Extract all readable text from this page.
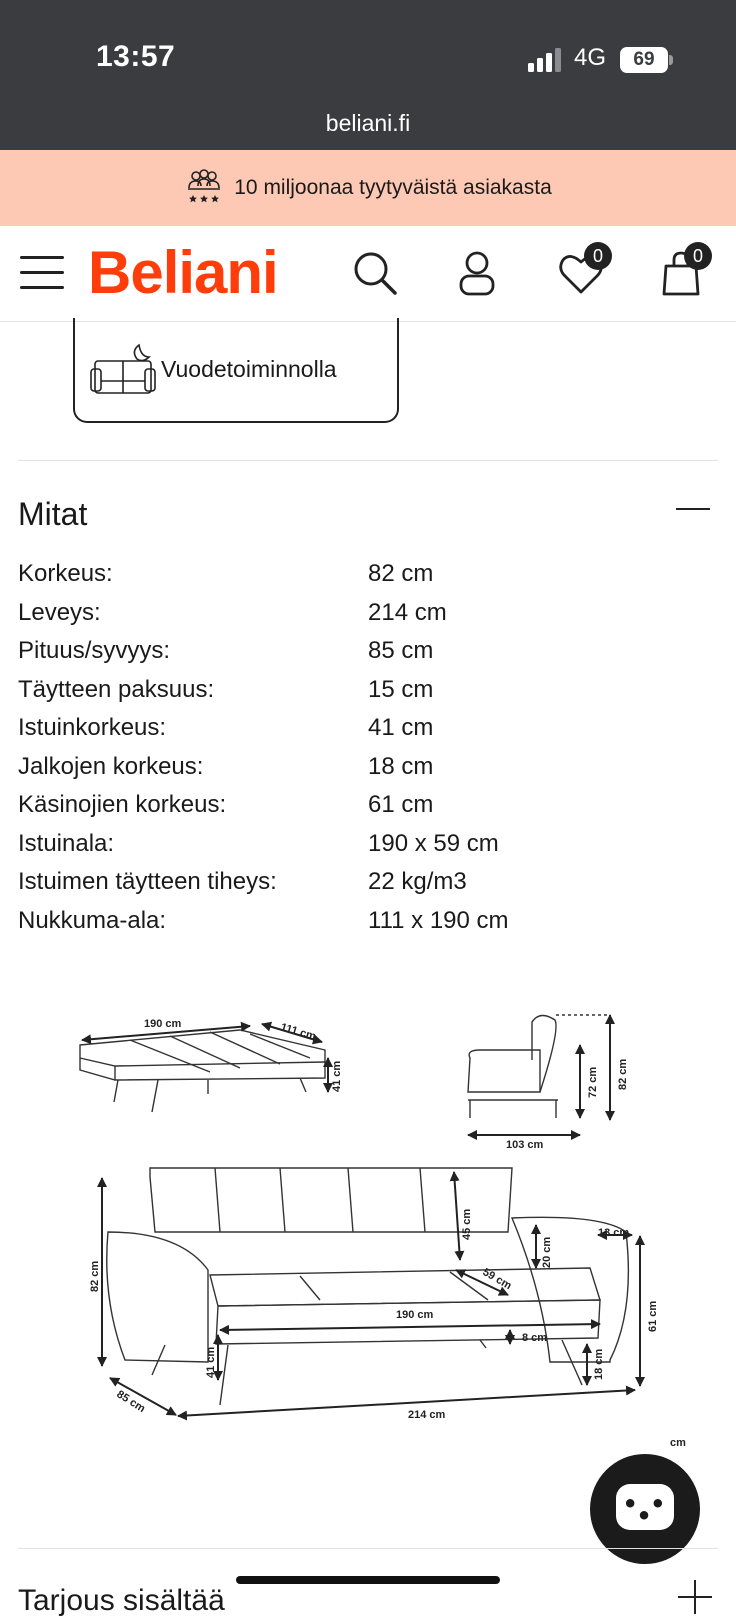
13:57	4G	69
beliani.fi
10 miljoonaa tyytyväistä asiakasta
Beliani	0	0
Vuodetoiminnolla
Mitat
Korkeus:	82 cm
Leveys:	214 cm
Pituus/syvyys:	85 cm
Täytteen paksuus:	15 cm
Istuinkorkeus:	41 cm
Jalkojen korkeus:	18 cm
Käsinojien korkeus:	61 cm
Istuinala:	190 x 59 cm
Istuimen täytteen tiheys:	22 kg/m3
Nukkuma-ala:	111 x 190 cm
190 cm	111 cm
41 cm
103 cm
72 cm 82 cm
82 cm
45 cm	13 cm
20 cm
59 cm
61 cm
190 cm
8 cm
41 cm	18 cm
85 cm	214 cm
cm
• • •
Tarjous sisältää
